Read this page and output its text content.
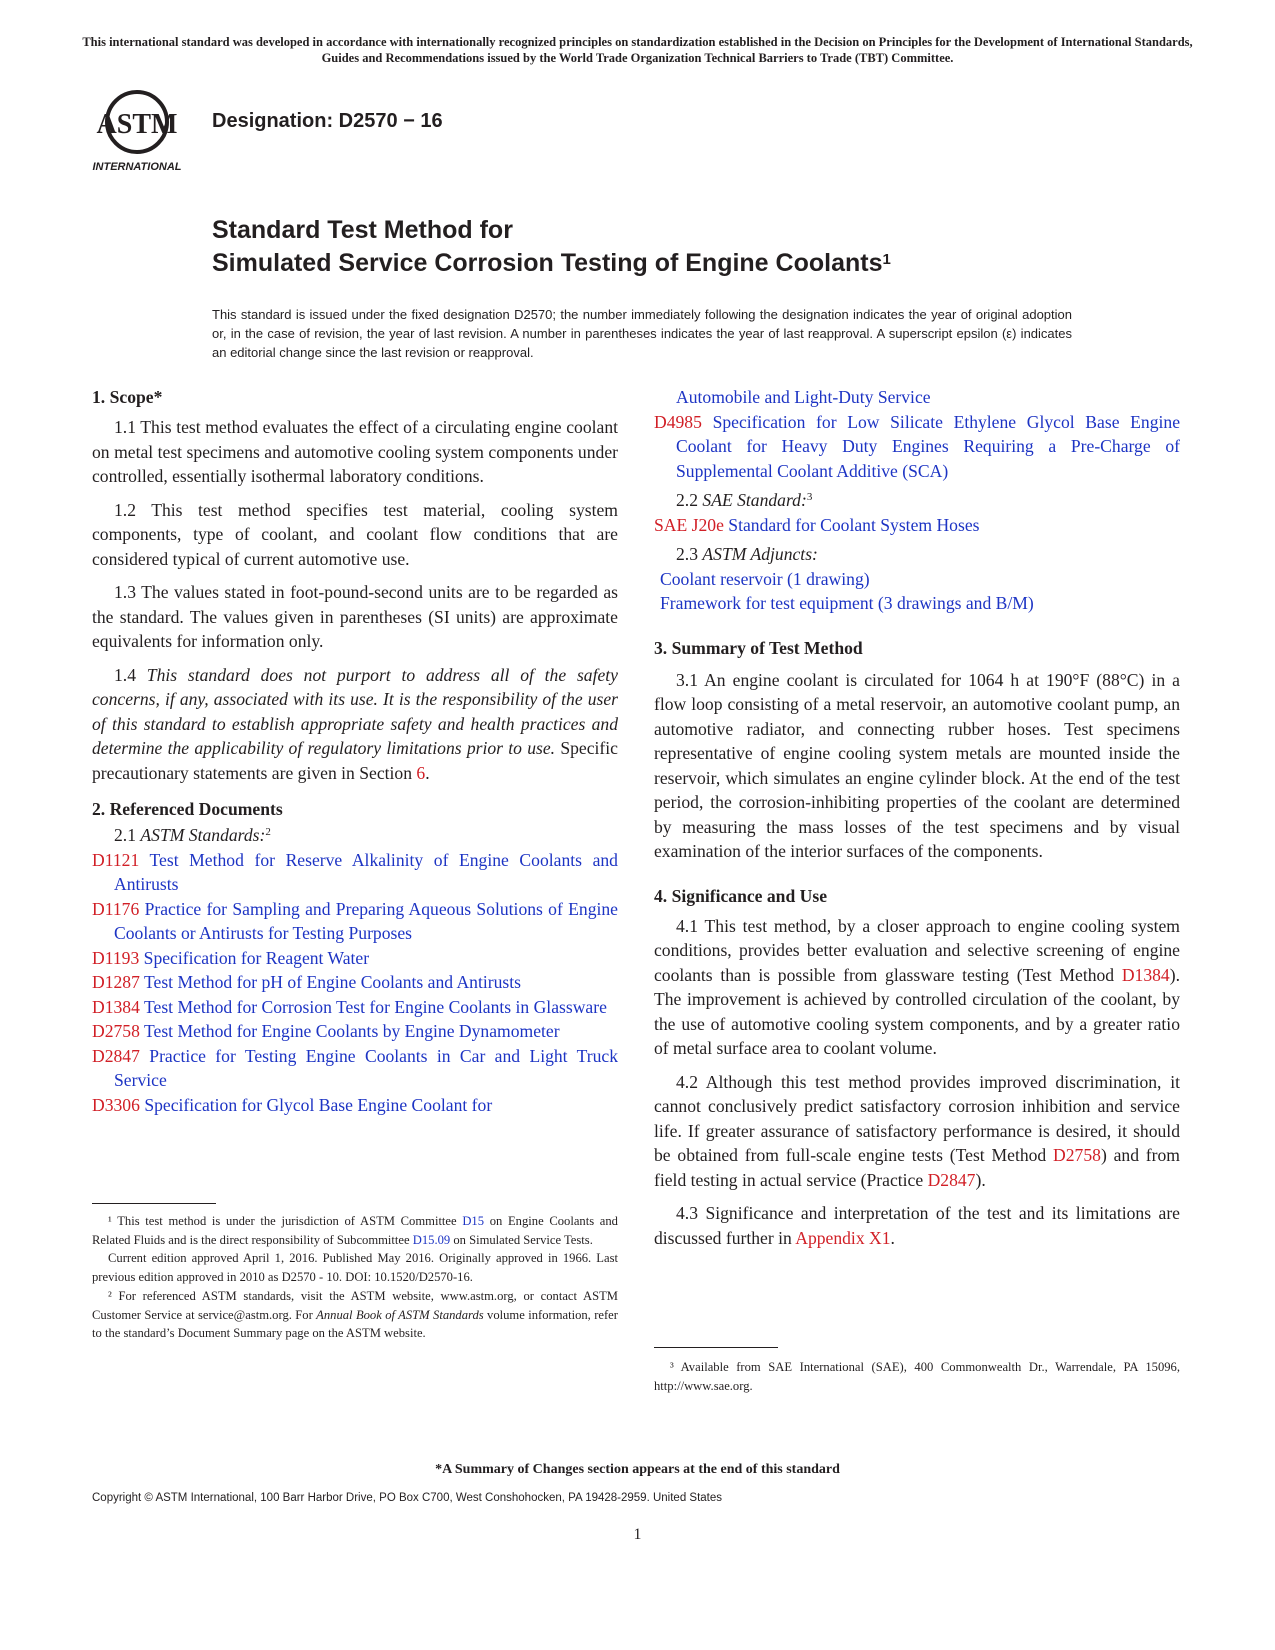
This international standard was developed in accordance with internationally recognized principles on standardization established in the Decision on Principles for the Development of International Standards, Guides and Recommendations issued by the World Trade Organization Technical Barriers to Trade (TBT) Committee.
ASTM
INTERNATIONAL
Designation: D2570 − 16
Standard Test Method for
Simulated Service Corrosion Testing of Engine Coolants$^1$
This standard is issued under the fixed designation D2570; the number immediately following the designation indicates the year of original adoption or, in the case of revision, the year of last revision. A number in parentheses indicates the year of last reapproval. A superscript epsilon (ε) indicates an editorial change since the last revision or reapproval.
1. Scope*

1.1 This test method evaluates the effect of a circulating engine coolant on metal test specimens and automotive cooling system components under controlled, essentially isothermal laboratory conditions.

1.2 This test method specifies test material, cooling system components, type of coolant, and coolant flow conditions that are considered typical of current automotive use.

1.3 The values stated in foot-pound-second units are to be regarded as the standard. The values given in parentheses (SI units) are approximate equivalents for information only.

1.4 This standard does not purport to address all of the safety concerns, if any, associated with its use. It is the responsibility of the user of this standard to establish appropriate safety and health practices and determine the applicability of regulatory limitations prior to use. Specific precautionary statements are given in Section 6.

2. Referenced Documents

2.1 ASTM Standards:$^2$

D1121 Test Method for Reserve Alkalinity of Engine Coolants and Antirusts

D1176 Practice for Sampling and Preparing Aqueous Solutions of Engine Coolants or Antirusts for Testing Purposes

D1193 Specification for Reagent Water

D1287 Test Method for pH of Engine Coolants and Antirusts

D1384 Test Method for Corrosion Test for Engine Coolants in Glassware

D2758 Test Method for Engine Coolants by Engine Dynamometer

D2847 Practice for Testing Engine Coolants in Car and Light Truck Service

D3306 Specification for Glycol Base Engine Coolant for

¹ This test method is under the jurisdiction of ASTM Committee D15 on Engine Coolants and Related Fluids and is the direct responsibility of Subcommittee D15.09 on Simulated Service Tests.

Current edition approved April 1, 2016. Published May 2016. Originally approved in 1966. Last previous edition approved in 2010 as D2570 - 10. DOI: 10.1520/D2570-16.

² For referenced ASTM standards, visit the ASTM website, www.astm.org, or contact ASTM Customer Service at service@astm.org. For Annual Book of ASTM Standards volume information, refer to the standard’s Document Summary page on the ASTM website.

Automobile and Light-Duty Service

D4985 Specification for Low Silicate Ethylene Glycol Base Engine Coolant for Heavy Duty Engines Requiring a Pre-Charge of Supplemental Coolant Additive (SCA)

2.2 SAE Standard:$^3$

SAE J20e Standard for Coolant System Hoses

2.3 ASTM Adjuncts:

Coolant reservoir (1 drawing)

Framework for test equipment (3 drawings and B/M)

3. Summary of Test Method

3.1 An engine coolant is circulated for 1064 h at 190°F (88°C) in a flow loop consisting of a metal reservoir, an automotive coolant pump, an automotive radiator, and connecting rubber hoses. Test specimens representative of engine cooling system metals are mounted inside the reservoir, which simulates an engine cylinder block. At the end of the test period, the corrosion-inhibiting properties of the coolant are determined by measuring the mass losses of the test specimens and by visual examination of the interior surfaces of the components.

4. Significance and Use

4.1 This test method, by a closer approach to engine cooling system conditions, provides better evaluation and selective screening of engine coolants than is possible from glassware testing (Test Method D1384). The improvement is achieved by controlled circulation of the coolant, by the use of automotive cooling system components, and by a greater ratio of metal surface area to coolant volume.

4.2 Although this test method provides improved discrimination, it cannot conclusively predict satisfactory corrosion inhibition and service life. If greater assurance of satisfactory performance is desired, it should be obtained from full-scale engine tests (Test Method D2758) and from field testing in actual service (Practice D2847).

4.3 Significance and interpretation of the test and its limitations are discussed further in Appendix X1.

³ Available from SAE International (SAE), 400 Commonwealth Dr., Warrendale, PA 15096, http://www.sae.org.

*A Summary of Changes section appears at the end of this standard
Copyright © ASTM International, 100 Barr Harbor Drive, PO Box C700, West Conshohocken, PA 19428-2959. United States
1
